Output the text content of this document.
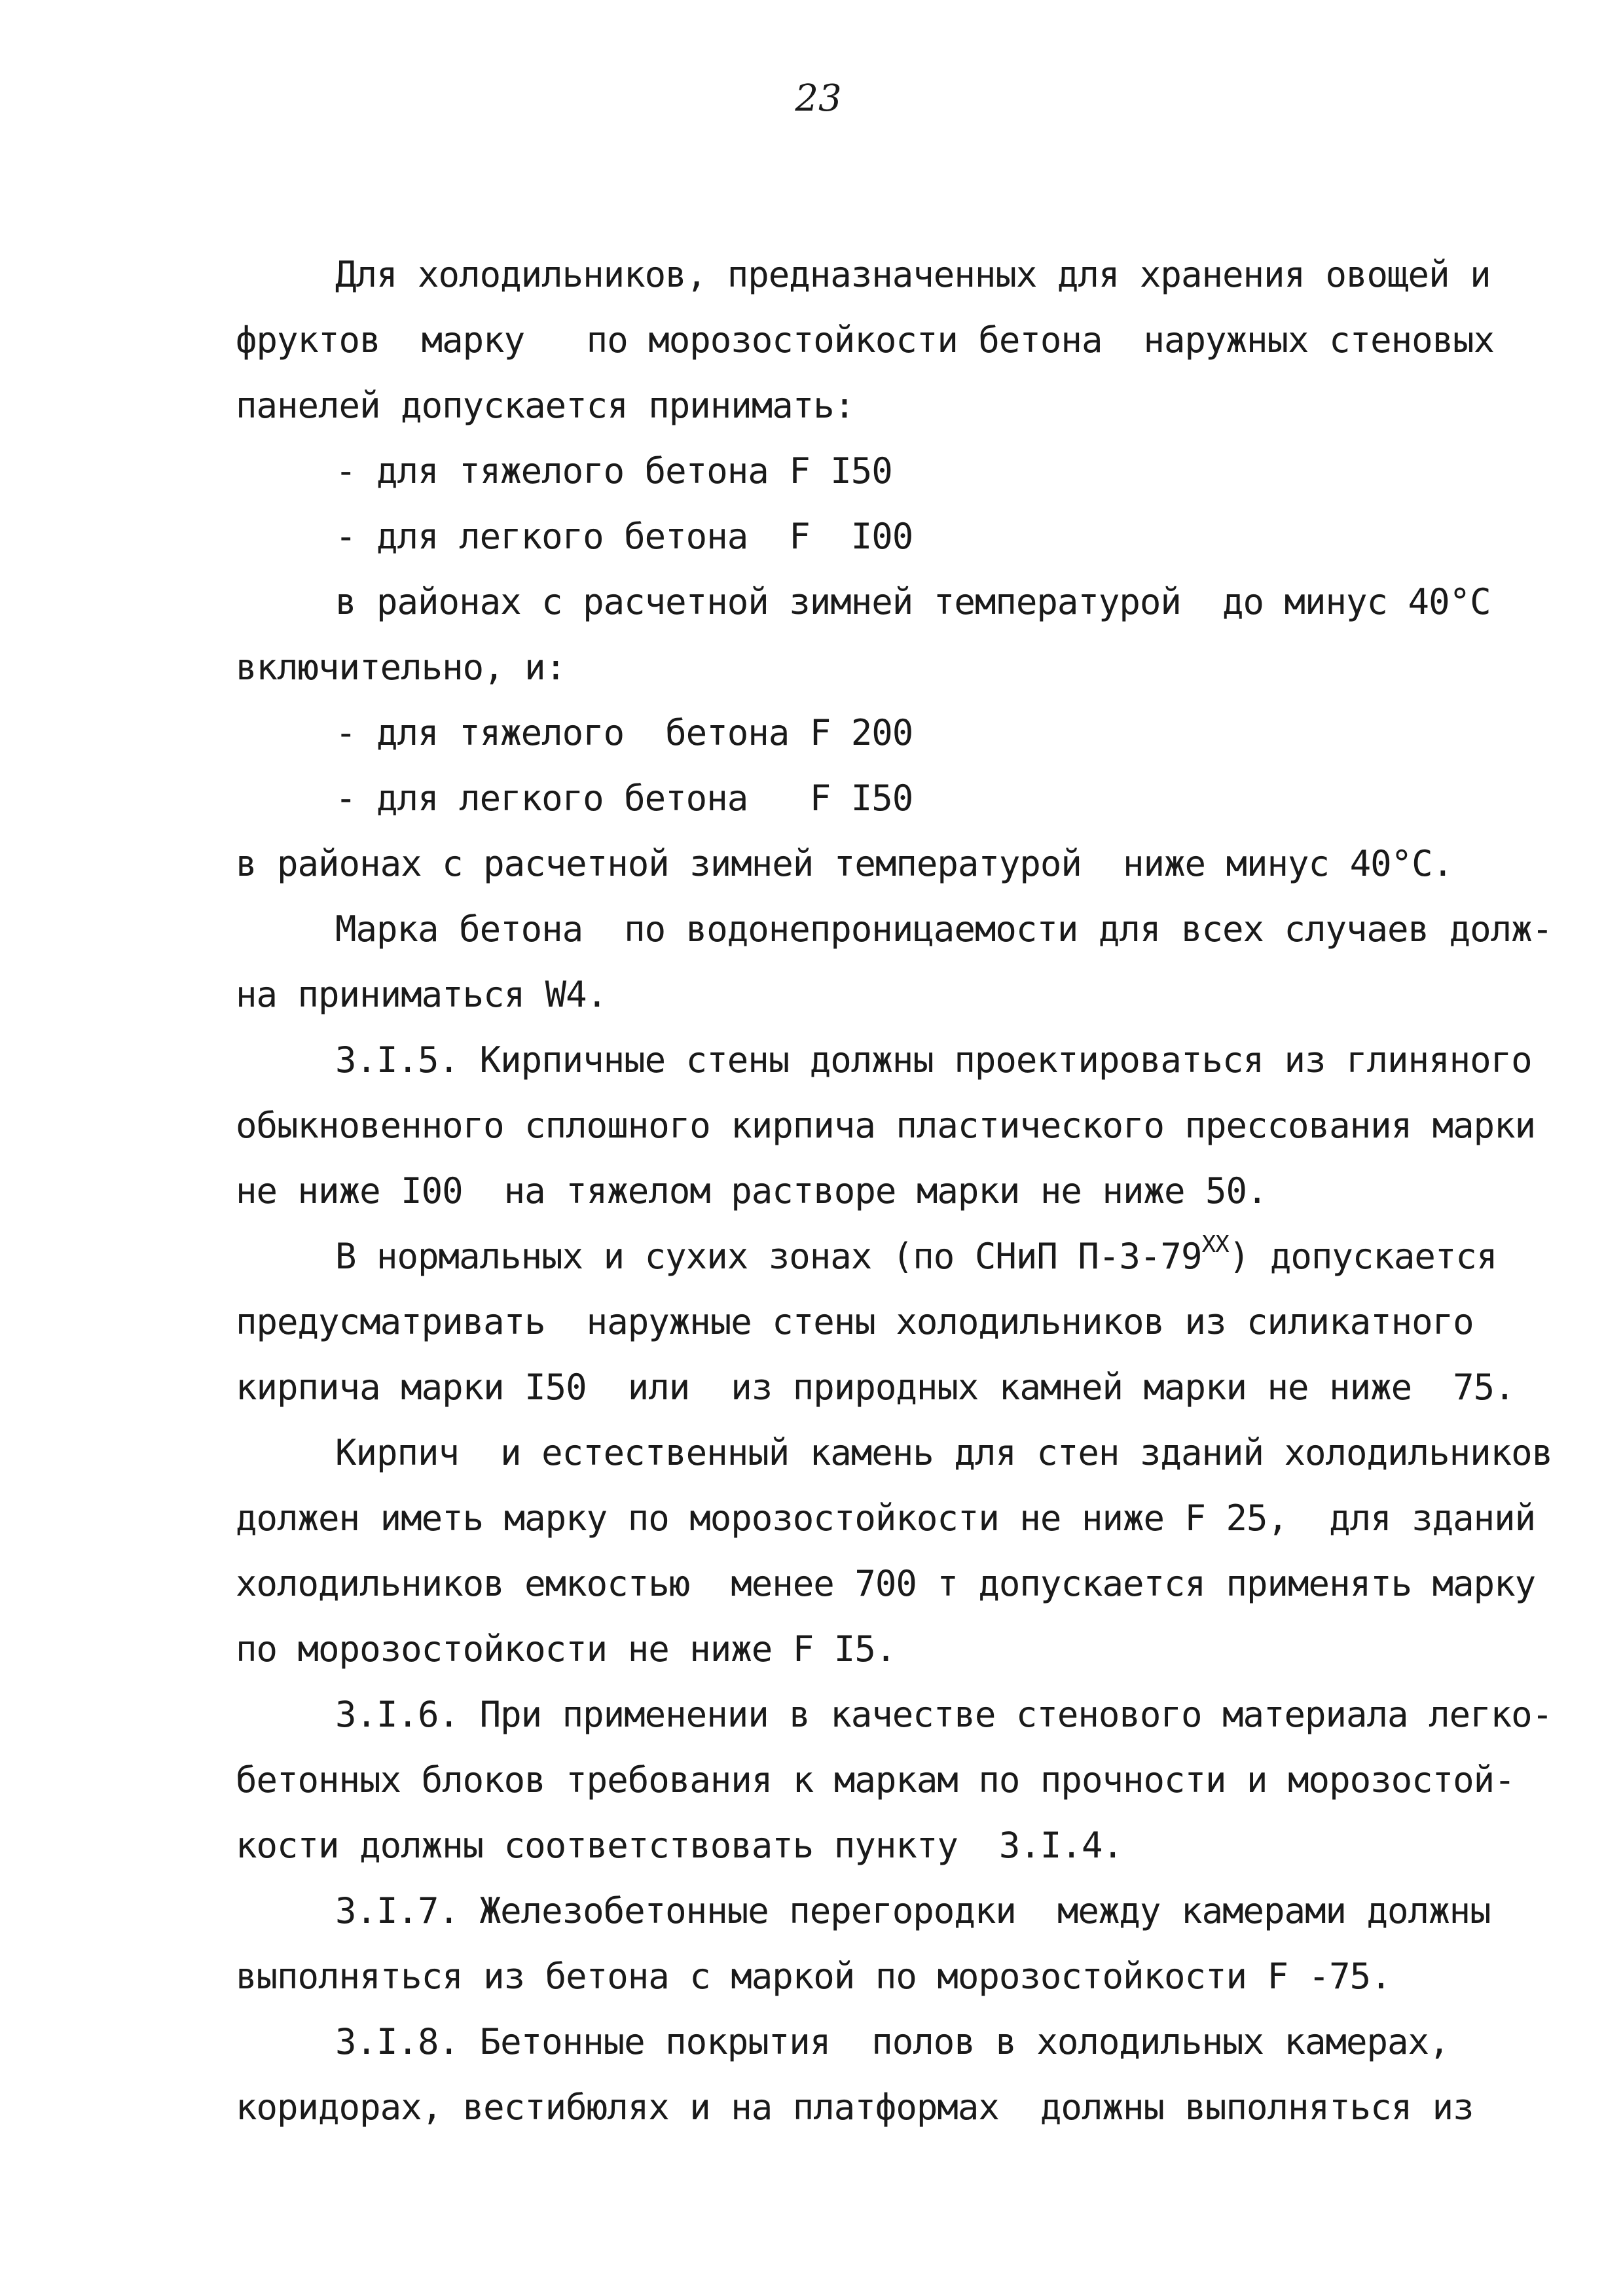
23
Для холодильников, предназначенных для хранения овощей и
фруктов  марку   по морозостойкости бетона  наружных стеновых
панелей допускается принимать:
- для тяжелого бетона F I50
- для легкого бетона  F  I00
в районах с расчетной зимней температурой  до минус 40°С
включительно, и:
- для тяжелого  бетона F 200
- для легкого бетона   F I50
в районах с расчетной зимней температурой  ниже минус 40°С.
Марка бетона  по водонепроницаемости для всех случаев долж-
на приниматься W4.
3.I.5. Кирпичные стены должны проектироваться из глиняного
обыкновенного сплошного кирпича пластического прессования марки
не ниже I00  на тяжелом растворе марки не ниже 50.
В нормальных и сухих зонах (по СНиП $П-3-79^{XX}$) допускается
предусматривать  наружные стены холодильников из силикатного
кирпича марки I50  или  из природных камней марки не ниже  75.
Кирпич  и естественный камень для стен зданий холодильников
должен иметь марку по морозостойкости не ниже F 25,  для зданий
холодильников емкостью  менее 700 т допускается применять марку
по морозостойкости не ниже F I5.
3.I.6. При применении в качестве стенового материала легко-
бетонных блоков требования к маркам по прочности и морозостой-
кости должны соответствовать пункту  3.I.4.
3.I.7. Железобетонные перегородки  между камерами должны
выполняться из бетона с маркой по морозостойкости F -75.
3.I.8. Бетонные покрытия  полов в холодильных камерах,
коридорах, вестибюлях и на платформах  должны выполняться из
